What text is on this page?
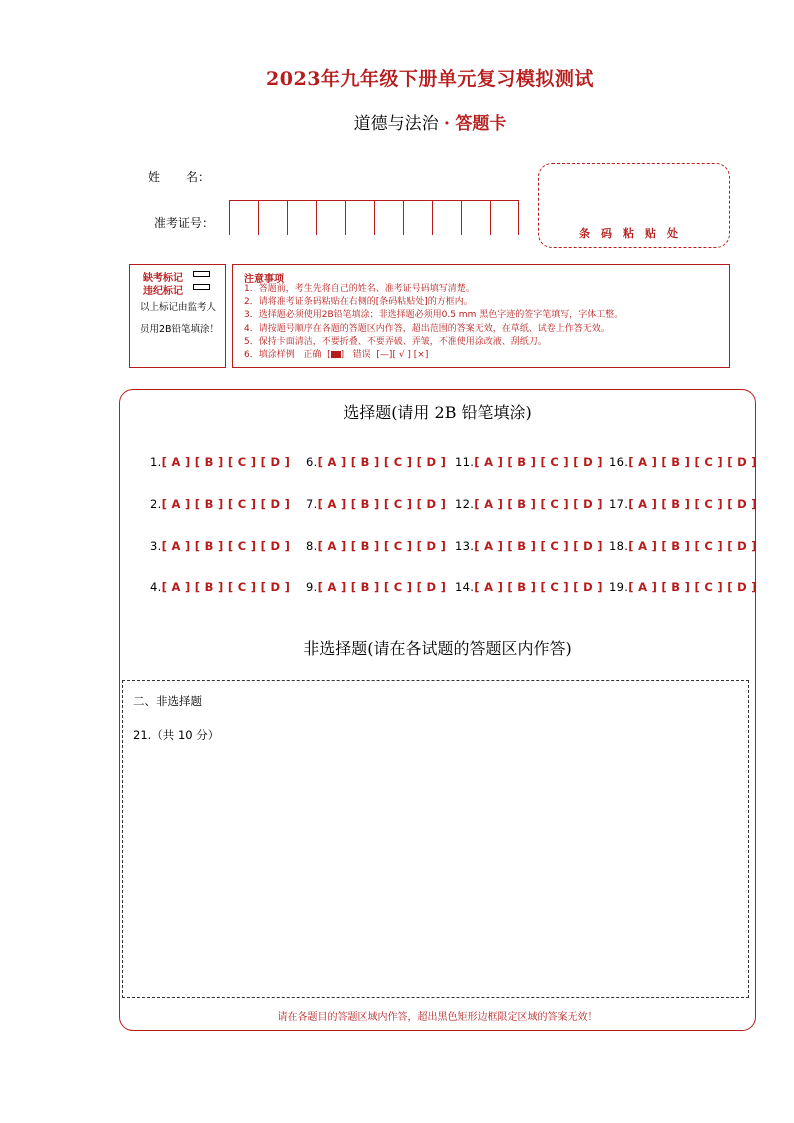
2023年九年级下册单元复习模拟测试
道德与法治 · 答题卡
姓 名：
准考证号：
条码粘贴处
缺考标记
违纪标记
以上标记由监考人员用2B铅笔填涂！
注意事项
1．答题前，考生先将自己的姓名、准考证号码填写清楚。
2．请将准考证条码粘贴在右侧的[条码粘贴处]的方框内。
3．选择题必须使用2B铅笔填涂；非选择题必须用0.5 mm 黑色字迹的签字笔填写，字体工整。
4．请按题号顺序在各题的答题区内作答，超出范围的答案无效，在草纸、试卷上作答无效。
5．保持卡面清洁，不要折叠、不要弄破、弄皱，不准使用涂改液、刮纸刀。
6．填涂样例 正确  [ ]   错误 [—][ √ ] [×]
选择题(请用 2B 铅笔填涂)
1.[ A ] [ B ] [ C ] [ D ] 6.[ A ] [ B ] [ C ] [ D ] 11.[ A ] [ B ] [ C ] [ D ] 16.[ A ] [ B ] [ C ] [ D ]
2.[ A ] [ B ] [ C ] [ D ] 7.[ A ] [ B ] [ C ] [ D ] 12.[ A ] [ B ] [ C ] [ D ] 17.[ A ] [ B ] [ C ] [ D ]
3.[ A ] [ B ] [ C ] [ D ] 8.[ A ] [ B ] [ C ] [ D ] 13.[ A ] [ B ] [ C ] [ D ] 18.[ A ] [ B ] [ C ] [ D ]
4.[ A ] [ B ] [ C ] [ D ] 9.[ A ] [ B ] [ C ] [ D ] 14.[ A ] [ B ] [ C ] [ D ] 19.[ A ] [ B ] [ C ] [ D ]
非选择题(请在各试题的答题区内作答)
二、非选择题
21.（共 10 分）
请在各题目的答题区域内作答，超出黑色矩形边框限定区域的答案无效！
